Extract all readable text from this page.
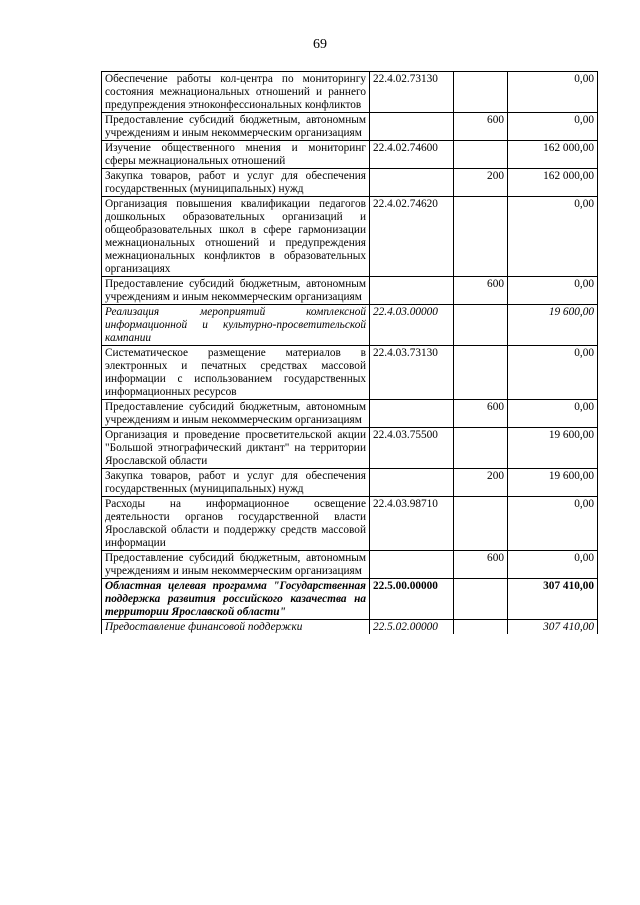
69
Обеспечение работы кол-центра по мониторингу состояния межнациональных отношений и раннего предупреждения этноконфессиональных конфликтов	22.4.02.73130		0,00
Предоставление субсидий бюджетным, автономным учреждениям и иным некоммерческим организациям		600	0,00
Изучение общественного мнения и мониторинг сферы межнациональных отношений	22.4.02.74600		162 000,00
Закупка товаров, работ и услуг для обеспечения государственных (муниципальных) нужд		200	162 000,00
Организация повышения квалификации педагогов дошкольных образовательных организаций и общеобразовательных школ в сфере гармонизации межнациональных отношений и предупреждения межнациональных конфликтов в образовательных организациях	22.4.02.74620		0,00
Предоставление субсидий бюджетным, автономным учреждениям и иным некоммерческим организациям		600	0,00
Реализация мероприятий комплексной информационной и культурно-просветительской кампании	22.4.03.00000		19 600,00
Систематическое размещение материалов в электронных и печатных средствах массовой информации с использованием государственных информационных ресурсов	22.4.03.73130		0,00
Предоставление субсидий бюджетным, автономным учреждениям и иным некоммерческим организациям		600	0,00
Организация и проведение просветительской акции "Большой этнографический диктант" на территории Ярославской области	22.4.03.75500		19 600,00
Закупка товаров, работ и услуг для обеспечения государственных (муниципальных) нужд		200	19 600,00
Расходы на информационное освещение деятельности органов государственной власти Ярославской области и поддержку средств массовой информации	22.4.03.98710		0,00
Предоставление субсидий бюджетным, автономным учреждениям и иным некоммерческим организациям		600	0,00
Областная целевая программа "Государственная поддержка развития российского казачества на территории Ярославской области"	22.5.00.00000		307 410,00
Предоставление финансовой поддержки	22.5.02.00000		307 410,00
